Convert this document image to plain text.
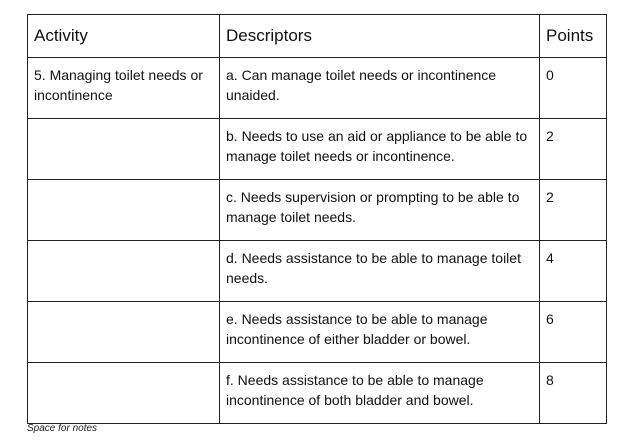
Activity	Descriptors	Points
5. Managing toilet needs or incontinence	a. Can manage toilet needs or incontinence unaided.	0
	b. Needs to use an aid or appliance to be able to manage toilet needs or incontinence.	2
	c. Needs supervision or prompting to be able to manage toilet needs.	2
	d. Needs assistance to be able to manage toilet needs.	4
	e. Needs assistance to be able to manage incontinence of either bladder or bowel.	6
	f. Needs assistance to be able to manage incontinence of both bladder and bowel.	8
Space for notes
